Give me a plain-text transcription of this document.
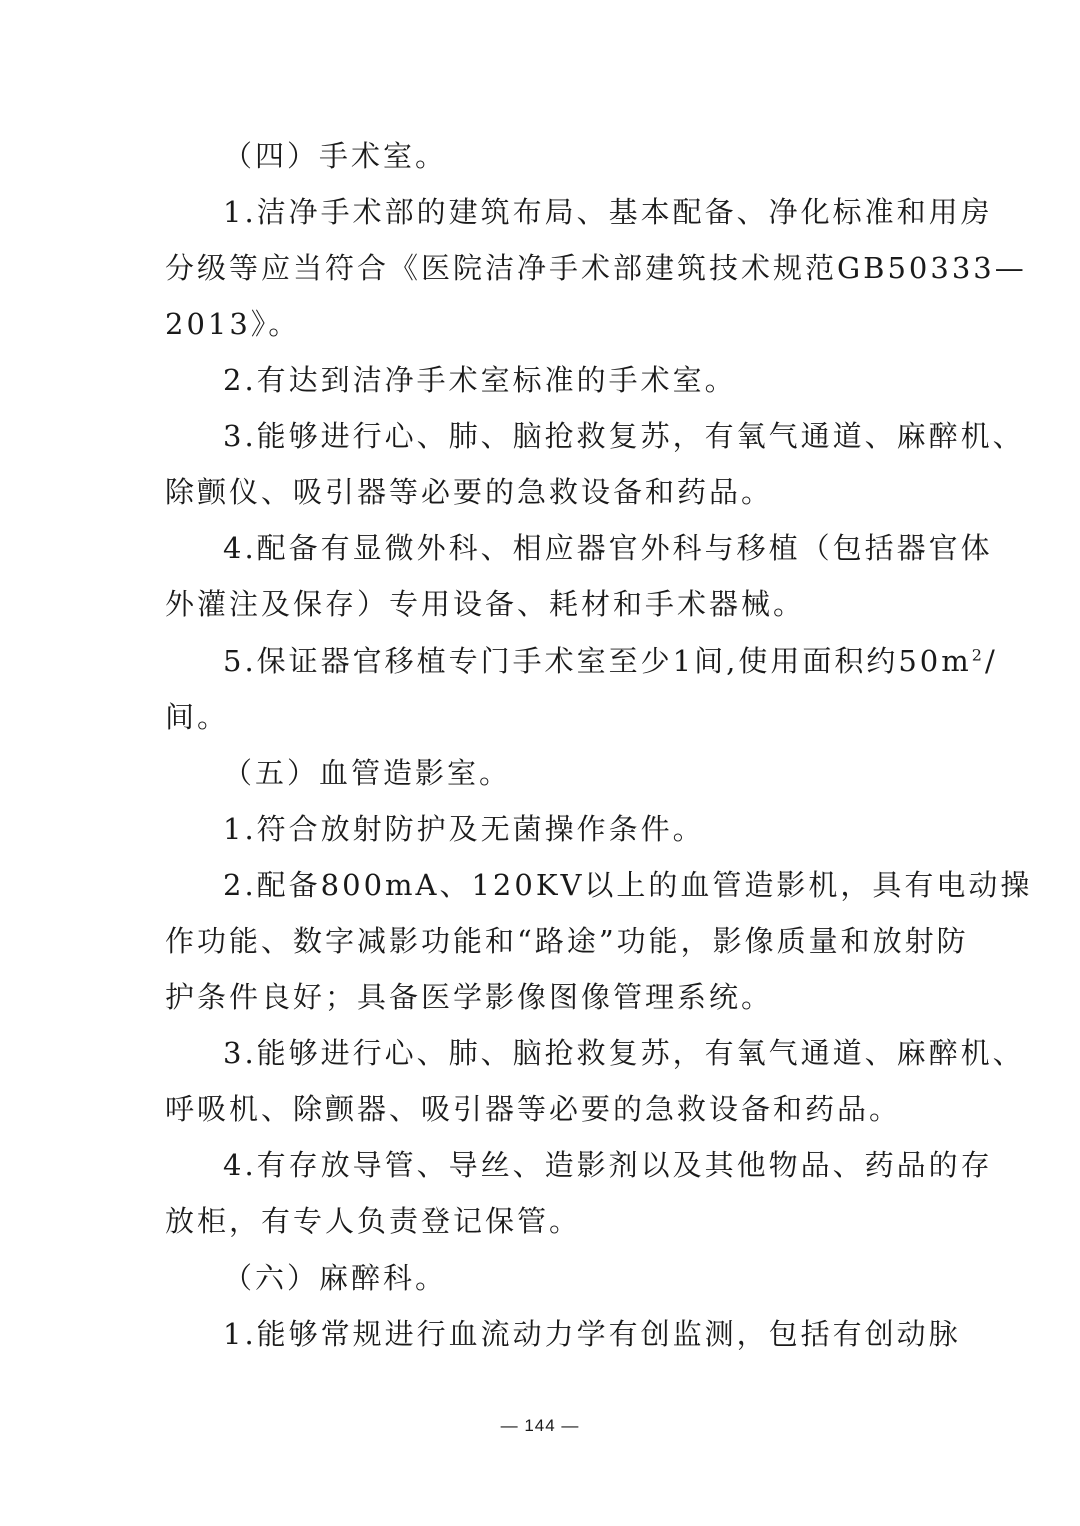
（四）手术室。
1.洁净手术部的建筑布局、基本配备、净化标准和用房
分级等应当符合《医院洁净手术部建筑技术规范GB50333—
2013》。
2.有达到洁净手术室标准的手术室。
3.能够进行心、肺、脑抢救复苏，有氧气通道、麻醉机、
除颤仪、吸引器等必要的急救设备和药品。
4.配备有显微外科、相应器官外科与移植（包括器官体
外灌注及保存）专用设备、耗材和手术器械。
5.保证器官移植专门手术室至少1间,使用面积约$50m^2/$
间。
（五）血管造影室。
1.符合放射防护及无菌操作条件。
2.配备800mA、120KV以上的血管造影机，具有电动操
作功能、数字减影功能和“路途”功能，影像质量和放射防
护条件良好；具备医学影像图像管理系统。
3.能够进行心、肺、脑抢救复苏，有氧气通道、麻醉机、
呼吸机、除颤器、吸引器等必要的急救设备和药品。
4.有存放导管、导丝、造影剂以及其他物品、药品的存
放柜，有专人负责登记保管。
（六）麻醉科。
1.能够常规进行血流动力学有创监测，包括有创动脉
— 144 —
